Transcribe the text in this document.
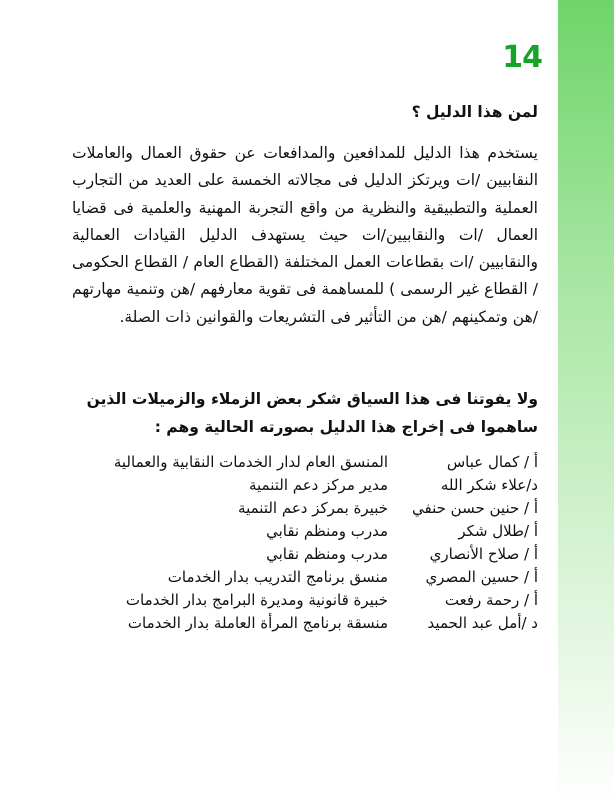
14
لمن هذا الدليل ؟

يستخدم هذا الدليل للمدافعين والمدافعات عن حقوق العمال والعاملات النقابيين /ات ويرتكز الدليل فى مجالاته الخمسة على العديد من التجارب العملية والتطبيقية والنظرية من واقع التجربة المهنية والعلمية فى قضايا العمال /ات والنقابيين/ات حيث يستهدف الدليل القيادات العمالية والنقابيين /ات بقطاعات العمل المختلفة (القطاع العام / القطاع الحكومى / القطاع غير الرسمى ) للمساهمة فى تقوية معارفهم /هن وتنمية مهارتهم /هن وتمكينهم /هن من التأثير فى التشريعات والقوانين ذات الصلة.

ولا يفوتنا فى هذا السياق شكر بعض الزملاء والزميلات الذين ساهموا فى إخراج هذا الدليل بصورته الحالية وهم :
أ / كمال عباس
المنسق العام لدار الخدمات النقابية والعمالية
د/علاء شكر الله
مدير مركز دعم التنمية
أ / حنين حسن حنفي
خبيرة بمركز دعم التنمية
أ /طلال شكر
مدرب ومنظم نقابي
أ / صلاح الأنصاري
مدرب ومنظم نقابي
أ / حسين المصري
منسق برنامج التدريب بدار الخدمات
أ / رحمة رفعت
خبيرة قانونية ومديرة البرامج بدار الخدمات
د /أمل عبد الحميد
منسقة برنامج المرأة العاملة بدار الخدمات
